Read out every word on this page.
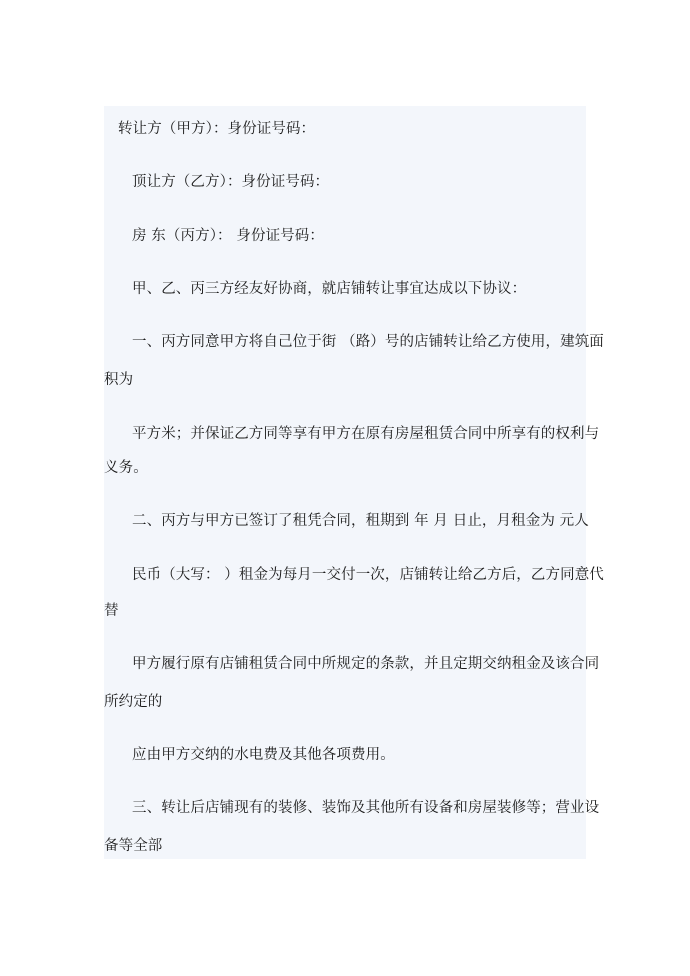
转让方（甲方）：身份证号码：
顶让方（乙方）：身份证号码：
房 东（丙方）： 身份证号码：
甲、乙、丙三方经友好协商，就店铺转让事宜达成以下协议：
一、丙方同意甲方将自己位于街 （路）号的店铺转让给乙方使用，建筑面
积为
平方米；并保证乙方同等享有甲方在原有房屋租赁合同中所享有的权利与
义务。
二、丙方与甲方已签订了租凭合同，租期到 年 月 日止，月租金为 元人
民币（大写： ）租金为每月一交付一次，店铺转让给乙方后，乙方同意代
替
甲方履行原有店铺租赁合同中所规定的条款，并且定期交纳租金及该合同
所约定的
应由甲方交纳的水电费及其他各项费用。
三、转让后店铺现有的装修、装饰及其他所有设备和房屋装修等；营业设
备等全部
